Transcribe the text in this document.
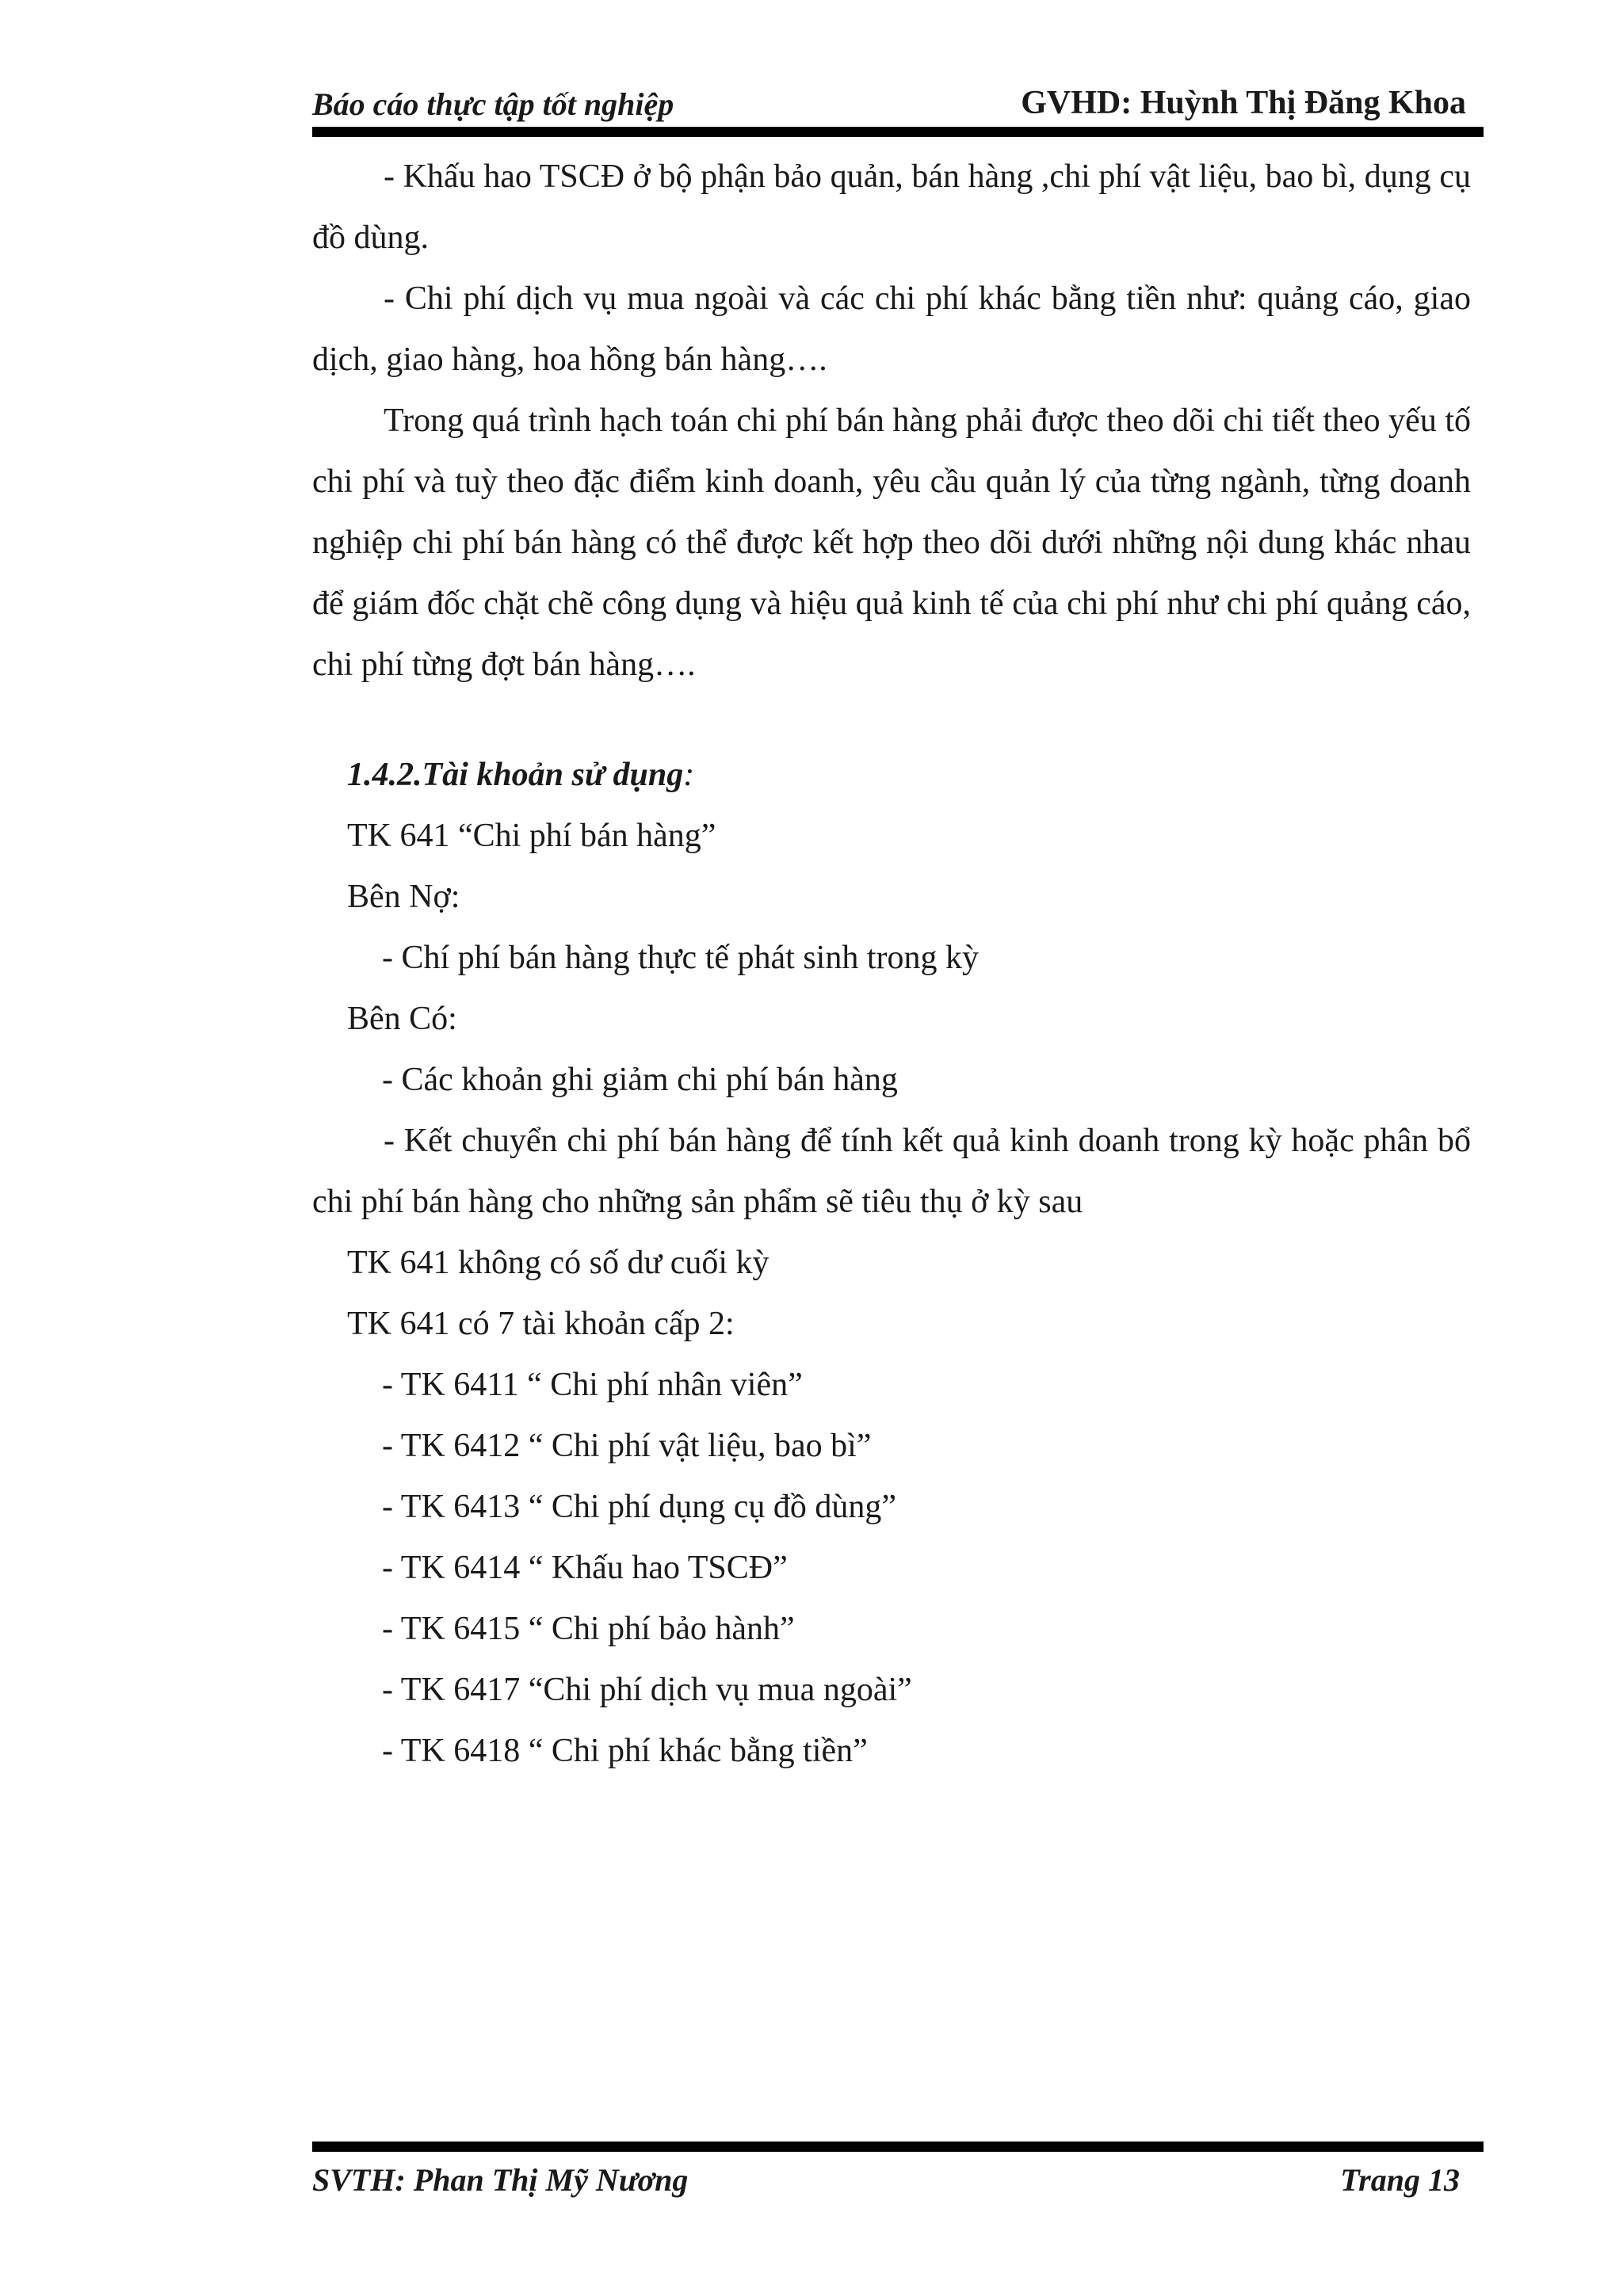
Báo cáo thực tập tốt nghiệp	GVHD: Huỳnh Thị Đăng Khoa

- Khấu hao TSCĐ ở bộ phận bảo quản, bán hàng ,chi phí vật liệu, bao bì, dụng cụ đồ dùng.

- Chi phí dịch vụ mua ngoài và các chi phí khác bằng tiền như: quảng cáo, giao dịch, giao hàng, hoa hồng bán hàng….

Trong quá trình hạch toán chi phí bán hàng phải được theo dõi chi tiết theo yếu tố chi phí và tuỳ theo đặc điểm kinh doanh, yêu cầu quản lý của từng ngành, từng doanh nghiệp chi phí bán hàng có thể được kết hợp theo dõi dưới những nội dung khác nhau để giám đốc chặt chẽ công dụng và hiệu quả kinh tế của chi phí như chi phí quảng cáo, chi phí từng đợt bán hàng….

1.4.2.Tài khoản sử dụng:

TK 641 “Chi phí bán hàng”

Bên Nợ:

- Chí phí bán hàng thực tế phát sinh trong kỳ

Bên Có:

- Các khoản ghi giảm chi phí bán hàng

- Kết chuyển chi phí bán hàng để tính kết quả kinh doanh trong kỳ hoặc phân bổ chi phí bán hàng cho những sản phẩm sẽ tiêu thụ ở kỳ sau

TK 641 không có số dư cuối kỳ

TK 641 có 7 tài khoản cấp 2:

- TK 6411 “ Chi phí nhân viên”

- TK 6412 “ Chi phí vật liệu, bao bì”

- TK 6413 “ Chi phí dụng cụ đồ dùng”

- TK 6414 “ Khấu hao TSCĐ”

- TK 6415 “ Chi phí bảo hành”

- TK 6417 “Chi phí dịch vụ mua ngoài”

- TK 6418 “ Chi phí khác bằng tiền”

SVTH: Phan Thị Mỹ Nương	Trang 13
